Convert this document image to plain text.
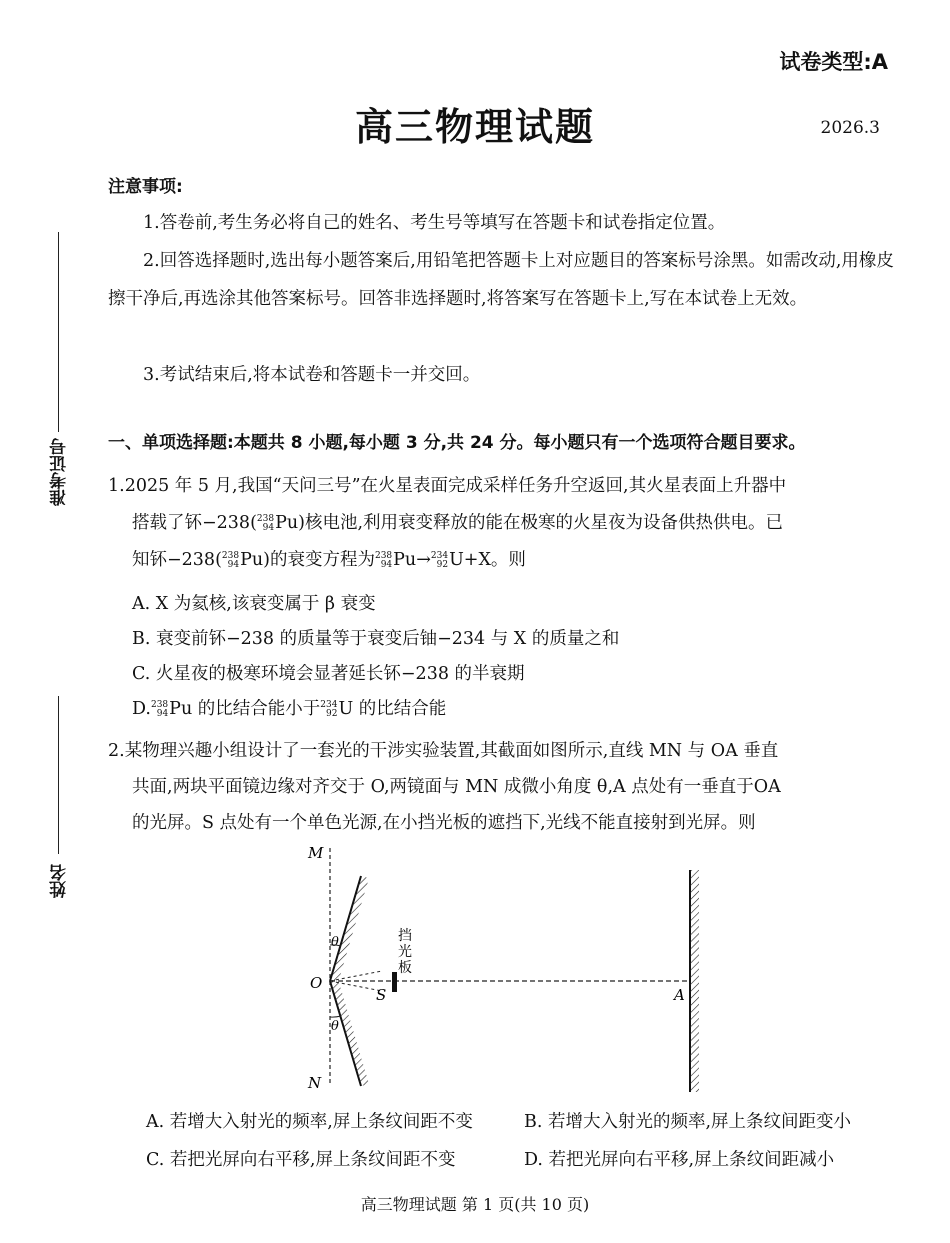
试卷类型:A
高三物理试题	2026.3
准考证号
姓名
注意事项:
1.答卷前,考生务必将自己的姓名、考生号等填写在答题卡和试卷指定位置。
2.回答选择题时,选出每小题答案后,用铅笔把答题卡上对应题目的答案标号涂黑。如需改动,用橡皮擦干净后,再选涂其他答案标号。回答非选择题时,将答案写在答题卡上,写在本试卷上无效。
3.考试结束后,将本试卷和答题卡一并交回。
一、单项选择题:本题共 8 小题,每小题 3 分,共 24 分。每小题只有一个选项符合题目要求。
1.2025 年 5 月,我国“天问三号”在火星表面完成采样任务升空返回,其火星表面上升器中
搭载了钚−238( 238
94 Pu)核电池,利用衰变释放的能在极寒的火星夜为设备供热供电。已
知钚−238( 238
94 Pu)的衰变方程为 238
94 Pu→ 234
92 U+X。则
A. X 为氦核,该衰变属于 β 衰变
B. 衰变前钚−238 的质量等于衰变后铀−234 与 X 的质量之和
C. 火星夜的极寒环境会显著延长钚−238 的半衰期
D. 238
94 Pu 的比结合能小于 234
92 U 的比结合能
2.某物理兴趣小组设计了一套光的干涉实验装置,其截面如图所示,直线 MN 与 OA 垂直
共面,两块平面镜边缘对齐交于 O,两镜面与 MN 成微小角度 θ,A 点处有一垂直于OA
的光屏。S 点处有一个单色光源,在小挡光板的遮挡下,光线不能直接射到光屏。则
M
N
O
S	A
θ
θ
挡
光
板
A. 若增大入射光的频率,屏上条纹间距不变	B. 若增大入射光的频率,屏上条纹间距变小
C. 若把光屏向右平移,屏上条纹间距不变	D. 若把光屏向右平移,屏上条纹间距减小
高三物理试题 第 1 页(共 10 页)
